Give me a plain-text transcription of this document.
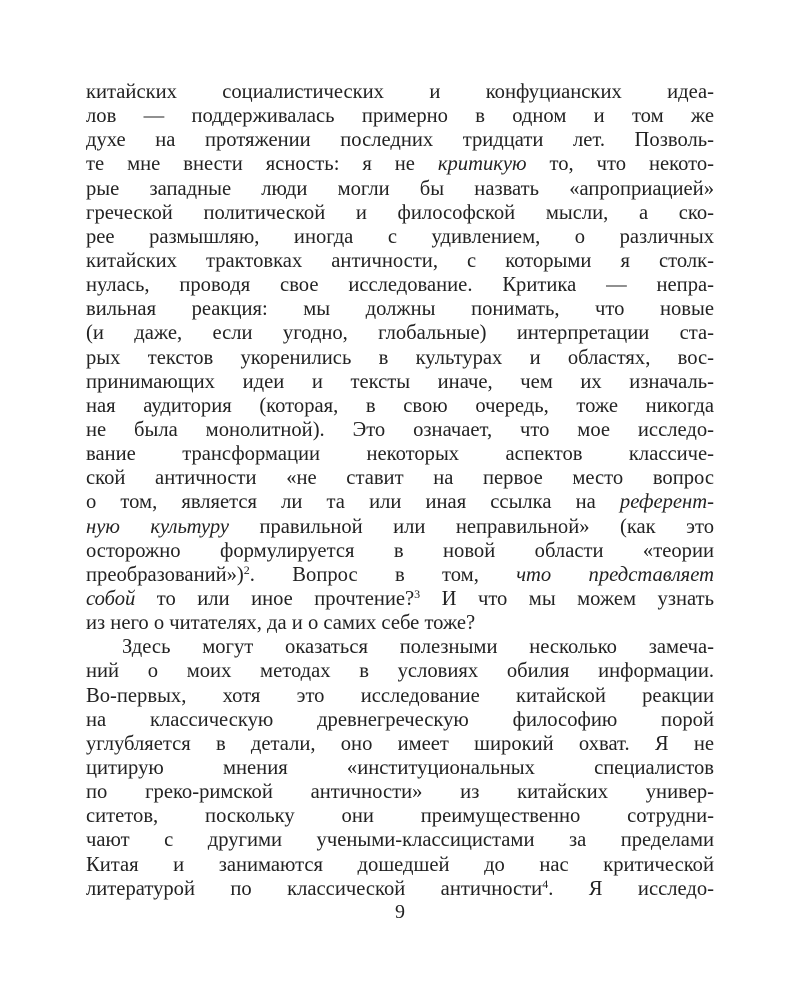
китайских социалистических и конфуцианских идеа-
лов — поддерживалась примерно в одном и том же
духе на протяжении последних тридцати лет. Позволь-
те мне внести ясность: я не критикую то, что некото-
рые западные люди могли бы назвать «апроприацией»
греческой политической и философской мысли, а ско-
рее размышляю, иногда с удивлением, о различных
китайских трактовках античности, с которыми я столк-
нулась, проводя свое исследование. Критика — непра-
вильная реакция: мы должны понимать, что новые
(и даже, если угодно, глобальные) интерпретации ста-
рых текстов укоренились в культурах и областях, вос-
принимающих идеи и тексты иначе, чем их изначаль-
ная аудитория (которая, в свою очередь, тоже никогда
не была монолитной). Это означает, что мое исследо-
вание трансформации некоторых аспектов классиче-
ской античности «не ставит на первое место вопрос
о том, является ли та или иная ссылка на референт-
ную культуру правильной или неправильной» (как это
осторожно формулируется в новой области «теории
преобразований»)$^2$. Вопрос в том, что представляет
собой то или иное прочтение?$^3$ И что мы можем узнать
из него о читателях, да и о самих себе тоже?
Здесь могут оказаться полезными несколько замеча-
ний о моих методах в условиях обилия информации.
Во-первых, хотя это исследование китайской реакции
на классическую древнегреческую философию порой
углубляется в детали, оно имеет широкий охват. Я не
цитирую мнения «институциональных специалистов
по греко-римской античности» из китайских универ-
ситетов, поскольку они преимущественно сотрудни-
чают с другими учеными-классицистами за пределами
Китая и занимаются дошедшей до нас критической
литературой по классической античности$^4$. Я исследо-
9
